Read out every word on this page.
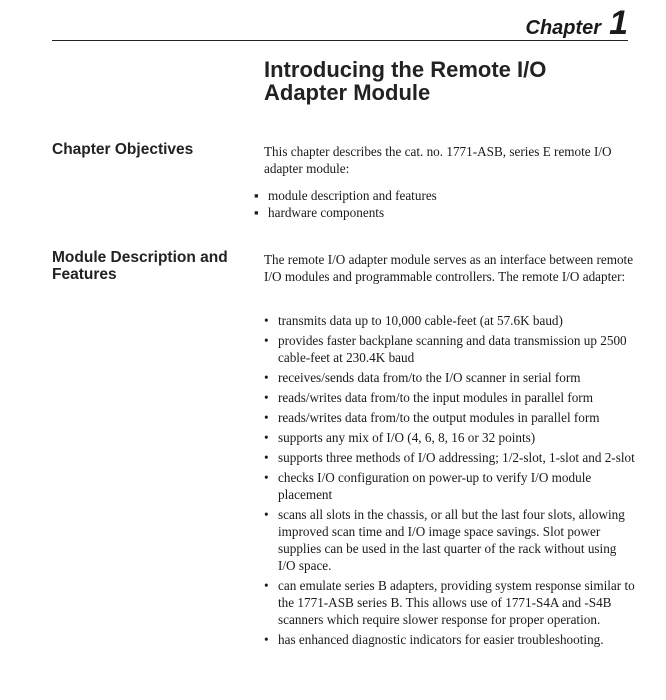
Chapter 1
Introducing the Remote I/O
Adapter Module
Chapter Objectives	This chapter describes the cat. no. 1771-ASB, series E remote I/O adapter module:

▪ module description and features
▪ hardware components
Module Description and Features

The remote I/O adapter module serves as an interface between remote I/O modules and programmable controllers. The remote I/O adapter:

• transmits data up to 10,000 cable-feet (at 57.6K baud)
• provides faster backplane scanning and data transmission up 2500 cable-feet at 230.4K baud
• receives/sends data from/to the I/O scanner in serial form
• reads/writes data from/to the input modules in parallel form
• reads/writes data from/to the output modules in parallel form
• supports any mix of I/O (4, 6, 8, 16 or 32 points)
• supports three methods of I/O addressing; 1/2-slot, 1-slot and 2-slot
• checks I/O configuration on power-up to verify I/O module placement
• scans all slots in the chassis, or all but the last four slots, allowing improved scan time and I/O image space savings. Slot power supplies can be used in the last quarter of the rack without using I/O space.
• can emulate series B adapters, providing system response similar to the 1771-ASB series B. This allows use of 1771-S4A and -S4B scanners which require slower response for proper operation.
• has enhanced diagnostic indicators for easier troubleshooting.
